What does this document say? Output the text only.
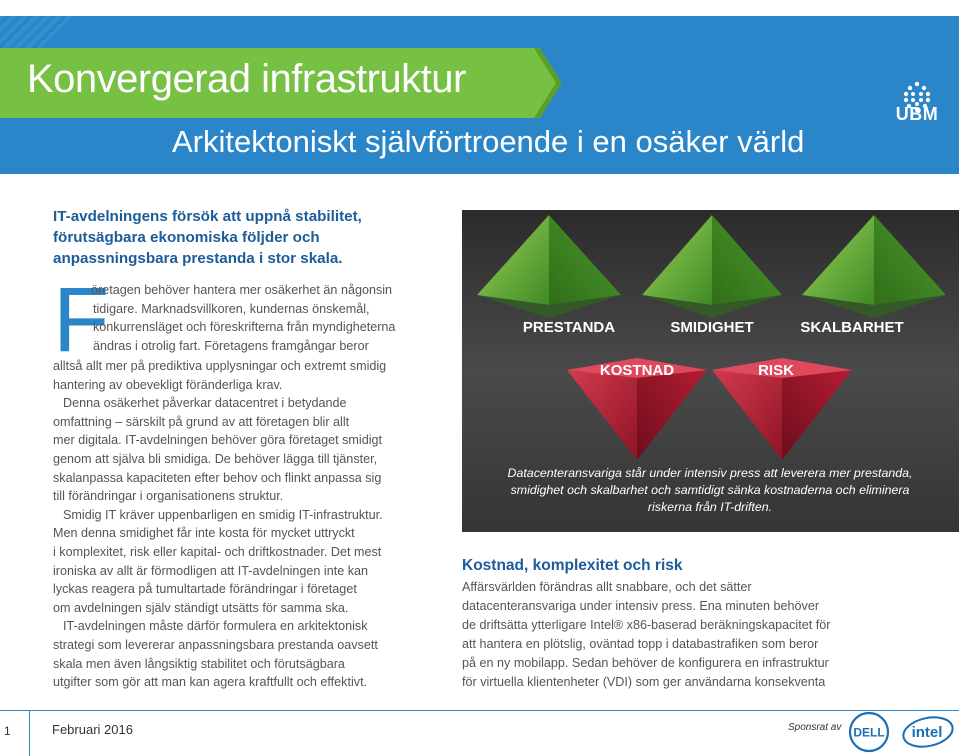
Konvergerad infrastruktur
Arkitektoniskt självförtroende i en osäker värld
UBM

IT-avdelningens försök att uppnå stabilitet,

förutsägbara ekonomiska följder och

anpassningsbara prestanda i stor skala.

F

öretagen behöver hantera mer osäkerhet än någonsin

tidigare. Marknadsvillkoren, kundernas önskemål,

konkurrensläget och föreskrifterna från myndigheterna

ändras i otrolig fart. Företagens framgångar beror

alltså allt mer på prediktiva upplysningar och extremt smidig

hantering av obevekligt föränderliga krav.

Denna osäkerhet påverkar datacentret i betydande

omfattning – särskilt på grund av att företagen blir allt

mer digitala. IT-avdelningen behöver göra företaget smidigt

genom att själva bli smidiga. De behöver lägga till tjänster,

skalanpassa kapaciteten efter behov och flinkt anpassa sig

till förändringar i organisationens struktur.

Smidig IT kräver uppenbarligen en smidig IT-infrastruktur.

Men denna smidighet får inte kosta för mycket uttryckt

i komplexitet, risk eller kapital- och driftkostnader. Det mest

ironiska av allt är förmodligen att IT-avdelningen inte kan

lyckas reagera på tumultartade förändringar i företaget

om avdelningen själv ständigt utsätts för samma ska.

IT-avdelningen måste därför formulera en arkitektonisk

strategi som levererar anpassningsbara prestanda oavsett

skala men även långsiktig stabilitet och förutsägbara

utgifter som gör att man kan agera kraftfullt och effektivt.

PRESTANDA	SMIDIGHET	SKALBARHET
KOSTNAD	RISK

Datacenteransvariga står under intensiv press att leverera mer prestanda,

smidighet och skalbarhet och samtidigt sänka kostnaderna och eliminera

riskerna från IT-driften.

Kostnad, komplexitet och risk

Affärsvärlden förändras allt snabbare, och det sätter

datacenteransvariga under intensiv press. Ena minuten behöver

de driftsätta ytterligare Intel® x86-baserad beräkningskapacitet för

att hantera en plötslig, oväntad topp i databastrafiken som beror

på en ny mobilapp. Sedan behöver de konfigurera en infrastruktur

för virtuella klientenheter (VDI) som ger användarna konsekventa

1	Februari 2016	Sponsrat av DELL intel
